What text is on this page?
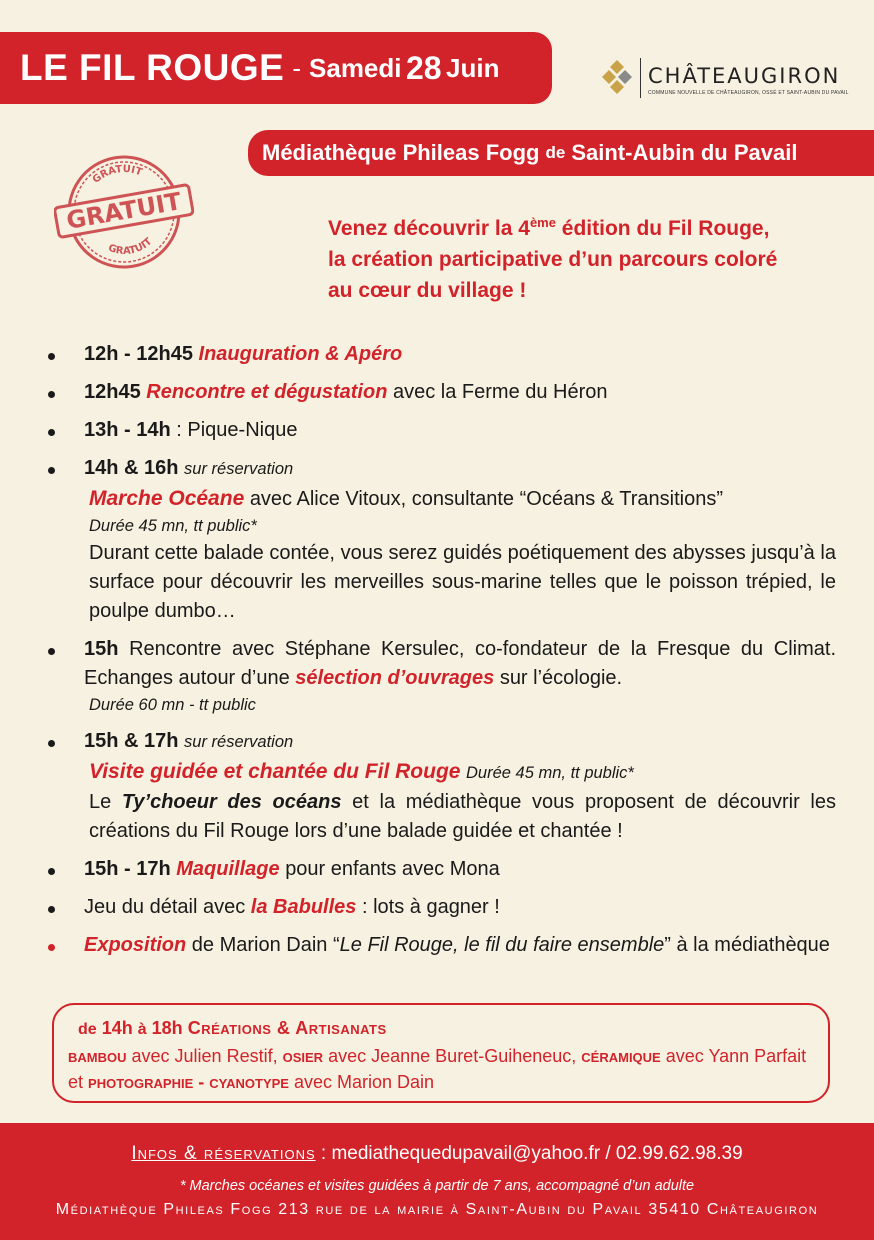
LE FIL ROUGE - Samedi
28
Juin	CHÂTEAUGIRON
COMMUNE NOUVELLE DE CHÂTEAUGIRON, OSSÉ ET SAINT-AUBIN DU PAVAIL
Médiathèque Phileas Fogg de Saint-Aubin du Pavail
GRATUIT
GRATUIT
GRATUIT	Venez découvrir la 4ème édition du Fil Rouge,
la création participative d’un parcours coloré
au cœur du village !
12h - 12h45 Inauguration & Apéro
12h45 Rencontre et dégustation avec la Ferme du Héron
13h - 14h : Pique-Nique
14h & 16h sur réservation
Marche Océane avec Alice Vitoux, consultante “Océans & Transitions”
Durée 45 mn, tt public*
Durant cette balade contée, vous serez guidés poétiquement des abysses jusqu’à la surface pour découvrir les merveilles sous-marine telles que le poisson trépied, le poulpe dumbo…
15h Rencontre avec Stéphane Kersulec, co-fondateur de la Fresque du Climat. Echanges autour d’une sélection d’ouvrages sur l’écologie.
Durée 60 mn - tt public
15h & 17h sur réservation
Visite guidée et chantée du Fil Rouge Durée 45 mn, tt public*
Le Ty’choeur des océans et la médiathèque vous proposent de découvrir les créations du Fil Rouge lors d’une balade guidée et chantée !
15h - 17h Maquillage pour enfants avec Mona
Jeu du détail avec la Babulles : lots à gagner !
Exposition de Marion Dain “Le Fil Rouge, le fil du faire ensemble” à la médiathèque
de 14h à 18h Créations & Artisanats
bambou avec Julien Restif, osier avec Jeanne Buret-Guiheneuc, céramique avec Yann Parfait et photographie - cyanotype avec Marion Dain
Infos & réservations : mediathequedupavail@yahoo.fr / 02.99.62.98.39
* Marches océanes et visites guidées à partir de 7 ans, accompagné d’un adulte
Médiathèque Phileas Fogg 213 rue de la mairie à Saint-Aubin du Pavail 35410 Châteaugiron
